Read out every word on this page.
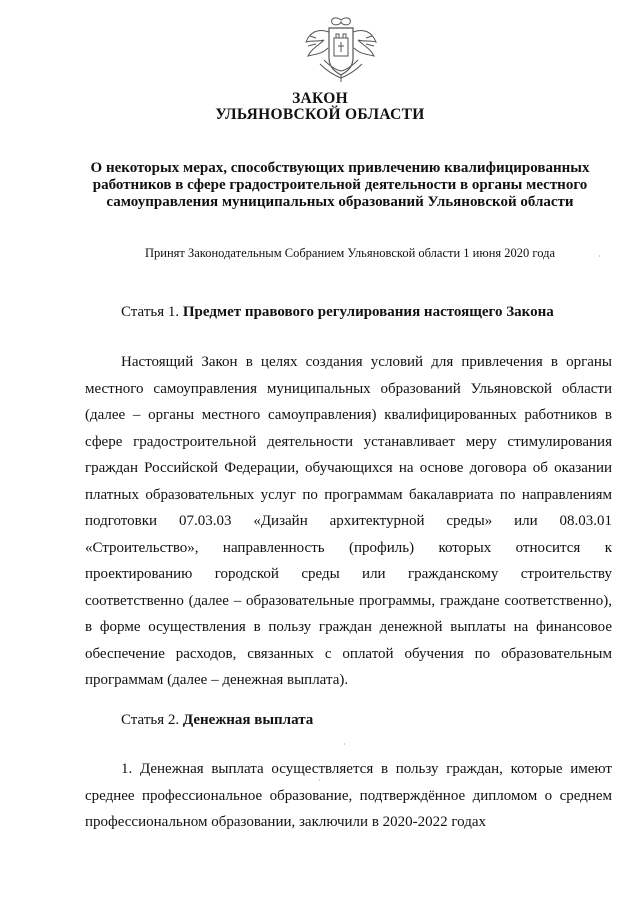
ЗАКОН
УЛЬЯНОВСКОЙ ОБЛАСТИ
О некоторых мерах, способствующих привлечению квалифицированных работников в сфере градостроительной деятельности в органы местного самоуправления муниципальных образований Ульяновской области
Принят Законодательным Собранием Ульяновской области 1 июня 2020 года
Статья 1. Предмет правового регулирования настоящего Закона

Настоящий Закон в целях создания условий для привлечения в органы местного самоуправления муниципальных образований Ульяновской области (далее – органы местного самоуправления) квалифицированных работников в сфере градостроительной деятельности устанавливает меру стимулирования граждан Российской Федерации, обучающихся на основе договора об оказании платных образовательных услуг по программам бакалавриата по направлениям подготовки 07.03.03 «Дизайн архитектурной среды» или 08.03.01 «Строительство», направленность (профиль) которых относится к проектированию городской среды или гражданскому строительству соответственно (далее – образовательные программы, граждане соответственно), в форме осуществления в пользу граждан денежной выплаты на финансовое обеспечение расходов, связанных с оплатой обучения по образовательным программам (далее – денежная выплата).

Статья 2. Денежная выплата

1. Денежная выплата осуществляется в пользу граждан, которые имеют среднее профессиональное образование, подтверждённое дипломом о среднем профессиональном образовании, заключили в 2020-2022 годах

·
·
·
